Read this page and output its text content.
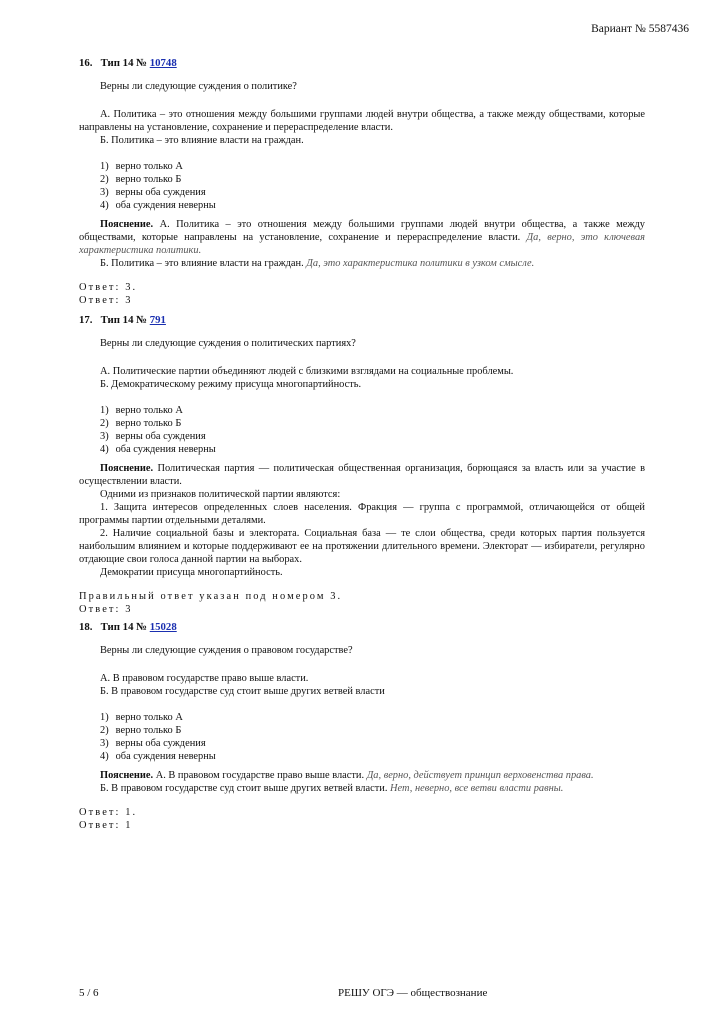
Вариант № 5587436
16. Тип 14 № 10748
Верны ли следующие суждения о политике?
А. Политика – это отношения между большими группами людей внутри общества, а также между обществами, которые направлены на установление, сохранение и перераспределение власти.
Б. Политика – это влияние власти на граждан.
1) верно только А
2) верно только Б
3) верны оба суждения
4) оба суждения неверны
Пояснение. А. Политика – это отношения между большими группами людей внутри общества, а также между обществами, которые направлены на установление, сохранение и перераспределение власти. Да, верно, это ключевая характеристика политики.
Б. Политика – это влияние власти на граждан. Да, это характеристика политики в узком смысле.
Ответ: 3.
Ответ: 3
17. Тип 14 № 791
Верны ли следующие суждения о политических партиях?
А. Политические партии объединяют людей с близкими взглядами на социальные проблемы.
Б. Демократическому режиму присуща многопартийность.
1) верно только А
2) верно только Б
3) верны оба суждения
4) оба суждения неверны
Пояснение. Политическая партия — политическая общественная организация, борющаяся за власть или за участие в осуществлении власти.
Одними из признаков политической партии являются:
1. Защита интересов определенных слоев населения. Фракция — группа с программой, отличающейся от общей программы партии отдельными деталями.
2. Наличие социальной базы и электората. Социальная база — те слои общества, среди которых партия пользуется наибольшим влиянием и которые поддерживают ее на протяжении длительного времени. Электорат — избиратели, регулярно отдающие свои голоса данной партии на выборах.
Демократии присуща многопартийность.
Правильный ответ указан под номером 3.
Ответ: 3
18. Тип 14 № 15028
Верны ли следующие суждения о правовом государстве?
А. В правовом государстве право выше власти.
Б. В правовом государстве суд стоит выше других ветвей власти
1) верно только А
2) верно только Б
3) верны оба суждения
4) оба суждения неверны
Пояснение. А. В правовом государстве право выше власти. Да, верно, действует принцип верховенства права.
Б. В правовом государстве суд стоит выше других ветвей власти. Нет, неверно, все ветви власти равны.
Ответ: 1.
Ответ: 1
5 / 6	РЕШУ ОГЭ — обществознание
